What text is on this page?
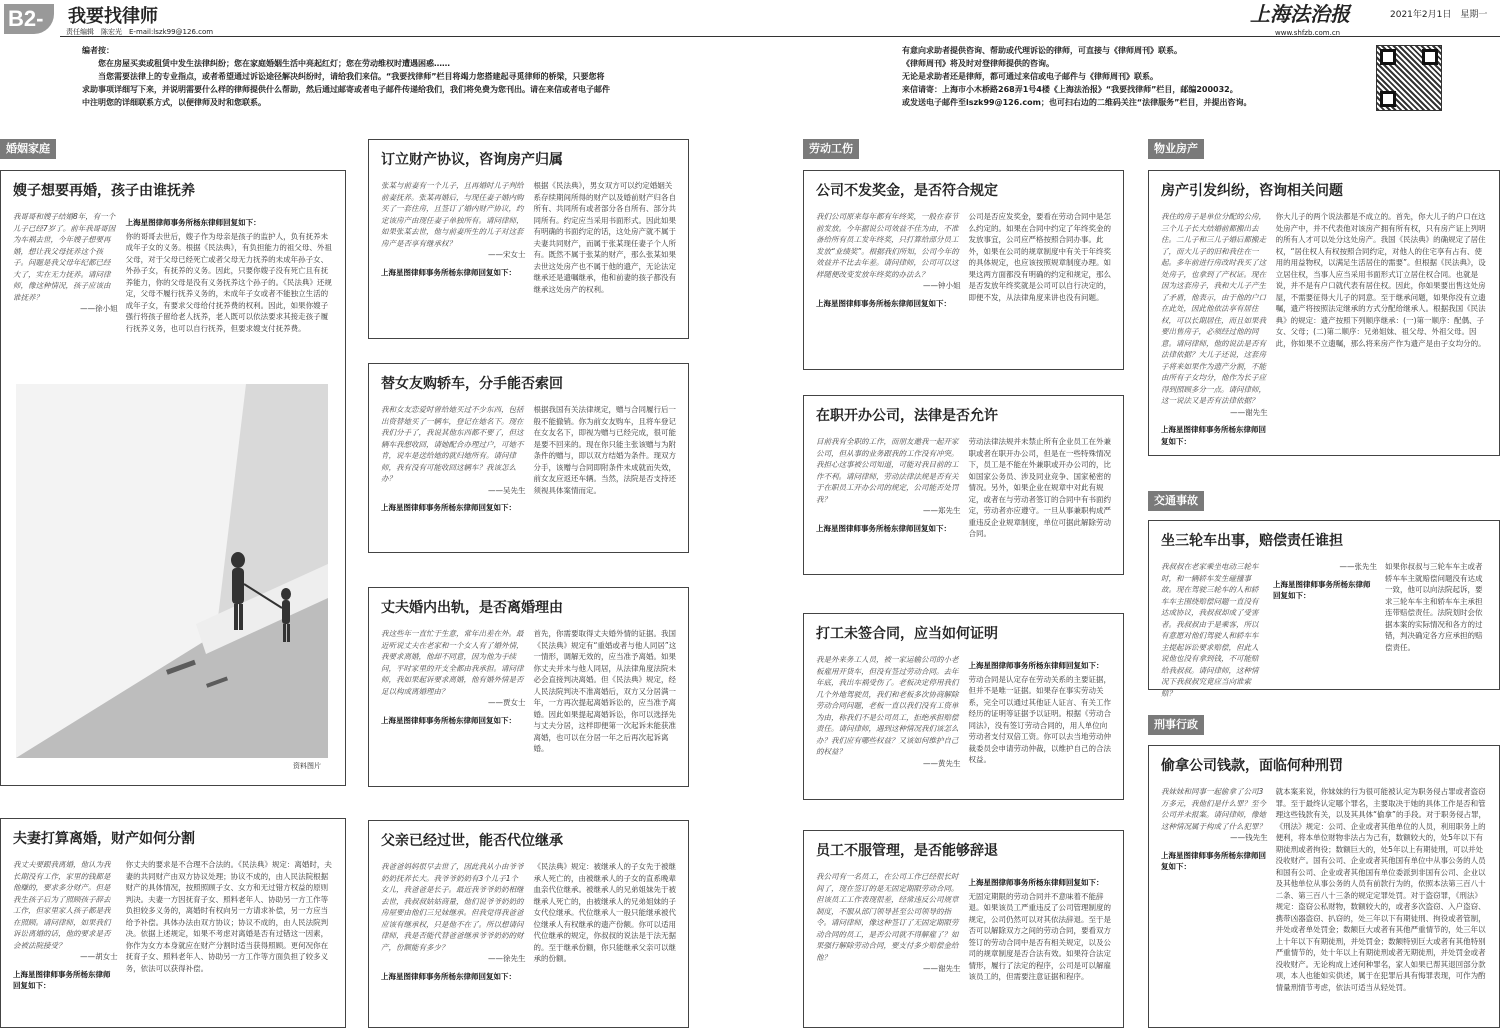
B2-3
我要找律师
责任编辑　陈宏光　E-mail:lszk99@126.com
上海法治报
www.shfzb.com.cn
2021年2月1日　星期一
编者按：
您在房屋买卖或租赁中发生法律纠纷；您在家庭婚姻生活中亮起红灯；您在劳动维权时遭遇困惑……
当您需要法律上的专业指点，或者希望通过诉讼途径解决纠纷时，请给我们来信。“我要找律师”栏目将竭力您搭建起寻觅律师的桥梁，只要您将求助事项详细写下来，并说明需要什么样的律师提供什么帮助，然后通过邮寄或者电子邮件传递给我们，我们将免费为您刊出。请在来信或者电子邮件中注明您的详细联系方式，以便律师及时和您联系。
有意向求助者提供咨询、帮助或代理诉讼的律师，可直接与《律师周刊》联系。
《律师周刊》将及时对登律师提供的咨询。
无论是求助者还是律师，都可通过来信或电子邮件与《律师周刊》联系。
来信请寄：上海市小木桥路268弄1号4楼《上海法治报》“我要找律师”栏目，邮编200032。
或发送电子邮件至lszk99@126.com；也可扫右边的二维码关注“法律服务”栏目，并提出咨询。
婚姻家庭	劳动工伤	物业房产
交通事故
刑事行政
嫂子想要再婚，孩子由谁抚养
我哥哥和嫂子结婚8年，有一个儿子已经7岁了。前年我哥哥因为车祸去世，今年嫂子想要再婚，想让我父母抚养这个孩子。问题是我父母年纪都已经大了，实在无力抚养。请问律师，像这种情况，孩子应该由谁抚养？
——徐小姐
上海星图律师事务所杨东律师回复如下：
你的哥哥去世后，嫂子作为母亲是孩子的监护人，负有抚养未成年子女的义务。根据《民法典》，有负担能力的祖父母、外祖父母，对于父母已经死亡或者父母无力抚养的未成年孙子女、外孙子女，有抚养的义务。因此，只要你嫂子没有死亡且有抚养能力，你的父母是没有义务抚养这个孙子的。《民法典》还规定，父母不履行抚养义务的，未成年子女或者不能独立生活的成年子女，有要求父母给付抚养费的权利。因此，如果你嫂子强行将孩子留给老人抚养，老人既可以依法要求其接走孩子履行抚养义务，也可以自行抚养，但要求嫂支付抚养费。
资料图片
夫妻打算离婚，财产如何分割
我丈夫要跟我离婚，他认为我长期没有工作，家里的钱都是他赚的，要求多分财产。但是我生孩子后为了照顾孩子辞去工作，但家里家人孩子都是我在照顾。请问律师，如果我们诉讼离婚的话，他的要求是否会被法院接受？
——胡女士
上海星图律师事务所杨东律师回复如下：
你丈夫的要求是不合理不合法的。《民法典》规定：离婚时，夫妻的共同财产由双方协议处理；协议不成的，由人民法院根据财产的具体情况，按照照顾子女、女方和无过错方权益的原则判决。夫妻一方因抚育子女、照料老年人、协助另一方工作等负担较多义务的，离婚时有权向另一方请求补偿，另一方应当给予补偿。具体办法由双方协议；协议不成的，由人民法院判决。依据上述规定，如果不考虑对离婚是否有过错这一因素，你作为女方本身就应在财产分割时适当获得照顾。更何况你在抚育子女、照料老年人、协助另一方工作等方面负担了较多义务，依法可以获得补偿。
订立财产协议，咨询房产归属
张某与前妻有一个儿子，且再婚时儿子判给前妻抚养。张某再婚后，与现任妻子婚内购买了一套住房，且签订了婚内财产协议，约定该房产由现任妻子单独所有。请问律师，如果张某去世，他与前妻所生的儿子对这套房产是否享有继承权？
——宋女士
上海星图律师事务所杨东律师回复如下：
根据《民法典》，男女双方可以约定婚姻关系存续期间所得的财产以及婚前财产归各自所有、共同所有或者部分各自所有、部分共同所有。约定应当采用书面形式。因此如果有明确的书面约定的话，这处房产就不属于夫妻共同财产，而属于张某现任妻子个人所有。既然不属于张某的财产，那么张某如果去世这处房产也不属于他的遗产，无论法定继承还是遗嘱继承，他和前妻的孩子都没有继承这处房产的权利。
替女友购轿车，分手能否索回
我和女友恋爱时曾给她买过不少东西，包括出资替她买了一辆车，登记在她名下。现在我们分手了，我说其他东西都不要了，但这辆车我想收回，请她配合办理过户，可她不肯，说车是送给她的就归她所有。请问律师，我有没有可能收回这辆车？我该怎么办？
——吴先生
上海星图律师事务所杨东律师回复如下：
根据我国有关法律规定，赠与合同履行后一般不能撤销。你为前女友购车，且将车登记在女友名下，即视为赠与已经完成，很可能是要不回来的。现在你只能主张该赠与为附条件的赠与，即以双方结婚为条件。现双方分手，该赠与合同即附条件未成就而失效，前女友应返还车辆。当然，法院是否支持还须视具体案情而定。
丈夫婚内出轨，是否离婚理由
我这些年一直忙于生意，常年出差在外。最近听说丈夫在老家和一个女人有了婚外情，我要求离婚，他却不同意，因为他为手续问，平时家里的开支全都由我承担。请问律师，我如果起诉要求离婚，他有婚外情是否足以构成离婚理由？
——贾女士
上海星图律师事务所杨东律师回复如下：
首先，你需要取得丈夫婚外情的证据。我国《民法典》规定有“重婚或者与他人同居”这一情形，调解无效的，应当准予离婚。如果你丈夫并未与他人同居，从法律角度法院未必会直接判决离婚。但《民法典》规定，经人民法院判决不准离婚后，双方又分居满一年，一方再次提起离婚诉讼的，应当准予离婚。因此如果提起离婚诉讼，你可以选择先与丈夫分居，这样即便第一次起诉未能获准离婚，也可以在分居一年之后再次起诉离婚。
父亲已经过世，能否代位继承
我爸爸妈妈很早去世了，因此我从小由爷爷奶奶抚养长大。我爷爷奶奶有3个儿子1个女儿，我爸爸是长子。最近我爷爷奶奶相继去世，我叔叔姑姑商量，他们说爷爷奶奶的房屋要由他们三兄妹继承。但我觉得我爸爸应该有继承权，只是他不在了。所以想请问律师，我是否能代替爸爸继承爷爷奶奶的财产，份额能有多少？
——徐先生
上海星图律师事务所杨东律师回复如下：
《民法典》规定：被继承人的子女先于被继承人死亡的，由被继承人的子女的直系晚辈血亲代位继承。被继承人的兄弟姐妹先于被继承人死亡的，由被继承人的兄弟姐妹的子女代位继承。代位继承人一般只能继承被代位继承人有权继承的遗产份额。你可以适用代位继承的规定，你叔叔的说法是于法无据的。至于继承份额，你只能继承父亲可以继承的份额。
公司不发奖金，是否符合规定
我们公司原来每年都有年终奖，一般在春节前发放。今年据说公司效益不佳为由，不准备给所有员工发年终奖，只打算给部分员工发放“业绩奖”。根据我们所知，公司今年的效益并不比去年差。请问律师，公司可以这样随便改变发放年终奖的办法么？
——钟小姐
上海星图律师事务所杨东律师回复如下：
公司是否应发奖金，要看在劳动合同中是怎么约定的。如果在合同中约定了年终奖金的发放事宜，公司应严格按照合同办事。此外，如果在公司的规章制度中有关于年终奖的具体规定，也应该按照规章制度办理。如果这两方面都没有明确的约定和规定，那么是否发放年终奖就是公司可以自行决定的，即便不发，从法律角度来讲也没有问题。
在职开办公司，法律是否允许
目前我有全职的工作，而朋友邀我一起开家公司，但从事的业务跟我的工作没有冲突。我担心这事被公司知道，可能对我目前的工作不利。请问律师，劳动法律法规是否有关于在职员工开办公司的规定，公司能否处罚我？
——郑先生
上海星图律师事务所杨东律师回复如下：
劳动法律法规并未禁止所有企业员工在外兼职或者在职开办公司，但是在一些特殊情况下，员工是不能在外兼职或开办公司的，比如国家公务员、涉及同业竞争、国家秘密的情况。另外，如果企业在规章中对此有规定，或者在与劳动者签订的合同中有书面约定，劳动者亦应遵守。一旦从事兼职构成严重违反企业规章制度，单位可据此解除劳动合同。
打工未签合同，应当如何证明
我是外来务工人员，被一家运输公司的小老板雇用开货车，但没有签过劳动合同。去年年底，我出车祸受伤了。老板决定停用我们几个外地驾驶员，我们和老板多次协商解除劳动合同问题，老板一直以我们没有工资单为由，称我们不是公司员工，拒绝承担赔偿责任。请问律师，遇到这种情况我们该怎么办？我们应有哪些权益？又该如何维护自己的权益？
——黄先生
上海星图律师事务所杨东律师回复如下：
劳动合同是认定存在劳动关系的主要证据，但并不是唯一证据。如果存在事实劳动关系，完全可以通过其他证人证言、有关工作经历的证明等证据予以证明。根据《劳动合同法》，没有签订劳动合同的，用人单位向劳动者支付双倍工资。你可以去当地劳动仲裁委员会申请劳动仲裁，以维护自己的合法权益。
员工不服管理，是否能够辞退
我公司有一名员工，在公司工作已经很长时间了，现在签订的是无固定期限劳动合同。但该员工工作表现很差，经常违反公司规章制度，不服从部门领导甚至公司领导的指令。请问律师，像这种签订了无固定期限劳动合同的员工，是否公司就不得解雇了？如果强行解除劳动合同，要支付多少赔偿金给他？
——谢先生
上海星图律师事务所杨东律师回复如下：
无固定期限的劳动合同并不意味着不能辞退。如果该员工严重违反了公司管理制度的规定，公司仍然可以对其依法辞退。至于是否可以解除双方之间的劳动合同，要看双方签订的劳动合同中是否有相关规定，以及公司的规章制度是否合法有效。如果符合法定情形，履行了法定的程序，公司是可以解雇该员工的，但需要注意证据和程序。
房产引发纠纷，咨询相关问题
我住的房子是单位分配的公房，三个儿子长大结婚前都搬出去住。二儿子和三儿子婚后都搬走了，而大儿子的旧和我住在一起。多年前进行房改时我买了这处房子，也拿到了产权证。现在因为这套房子，我和大儿子产生了矛盾，他表示，由于他的户口在此处，因此他依法享有居住权，可以长期居住，而且如果我要出售房子，必须经过他的同意。请问律师，他的说法是否有法律依据？大儿子还说，这套房子将来如果作为遗产分割，不能由所有子女均分，他作为长子应得到照顾多分一点。请问律师，这一说法又是否有法律依据？
——谢先生
上海星图律师事务所杨东律师回复如下：
你大儿子的两个说法都是不成立的。首先，你大儿子的户口在这处房产中，并不代表他对该房产拥有所有权，只有房产证上列明的所有人才可以处分这处房产。我国《民法典》的确规定了居住权，“居住权人有权按照合同约定，对他人的住宅享有占有、使用的用益物权，以满足生活居住的需要”。但根据《民法典》，设立居住权，当事人应当采用书面形式订立居住权合同。也就是说，并不是有户口就代表有居住权。因此，你如果要出售这处房屋，不需要征得大儿子的同意。至于继承问题，如果你没有立遗嘱，遗产将按照法定继承的方式分配给继承人。根据我国《民法典》的规定：遗产按照下列顺序继承：(一)第一顺序：配偶、子女、父母；(二)第二顺序：兄弟姐妹、祖父母、外祖父母。因此，你如果不立遗嘱，那么将来房产作为遗产是由子女均分的。
坐三轮车出事，赔偿责任谁担
我叔叔在老家乘坐电动三轮车时，和一辆轿车发生碰撞事故。现在驾驶三轮车的人和轿车车主围绕赔偿问题一直没有达成协议，我叔叔却成了受害者。我叔叔由于是乘客，所以有意愿对他们驾驶人和轿车车主提起诉讼要求赔偿，但此人说他也没有拿到钱，不可能赔给我叔叔。请问律师，这种情况下我叔叔究竟应当向谁索赔？
——张先生
上海星图律师事务所杨东律师回复如下：
如果你叔叔与三轮车车主或者轿车车主就赔偿问题没有达成一致，他可以向法院起诉，要求三轮车车主和轿车车主承担连带赔偿责任。法院划时会依据本案的实际情况和各方的过错，判决确定各方应承担的赔偿责任。
偷拿公司钱款，面临何种刑罚
我妹妹和同事一起偷拿了公司3万多元，我他们是什么罪？至今公司并未报案。请问律师，像她这种情况属于构成了什么犯罪？
——钱先生
上海星图律师事务所杨东律师回复如下：
就本案来说，你妹妹的行为很可能被认定为职务侵占罪或者盗窃罪。至于最终认定哪个罪名，主要取决于她的具体工作是否和管理这些钱款有关，以及其具体“偷拿”的手段。对于职务侵占罪，《刑法》规定：公司、企业或者其他单位的人员，利用职务上的便利，将本单位财物非法占为己有，数额较大的，处5年以下有期徒刑或者拘役；数额巨大的，处5年以上有期徒刑，可以并处没收财产。国有公司、企业或者其他国有单位中从事公务的人员和国有公司、企业或者其他国有单位委派到非国有公司、企业以及其他单位从事公务的人员有前款行为的，依照本法第三百八十二条、第三百八十三条的规定定罪处罚。对于盗窃罪，《刑法》规定：盗窃公私财物，数额较大的，或者多次盗窃、入户盗窃、携带凶器盗窃、扒窃的，处三年以下有期徒刑、拘役或者管制，并处或者单处罚金；数额巨大或者有其他严重情节的，处三年以上十年以下有期徒刑，并处罚金；数额特别巨大或者有其他特别严重情节的，处十年以上有期徒刑或者无期徒刑，并处罚金或者没收财产。无论构成上述何种罪名，家人如果已帮其退回部分款项，本人也能如实供述，属于在犯罪后具有悔罪表现，可作为酌情量刑情节考虑，依法可适当从轻处罚。
